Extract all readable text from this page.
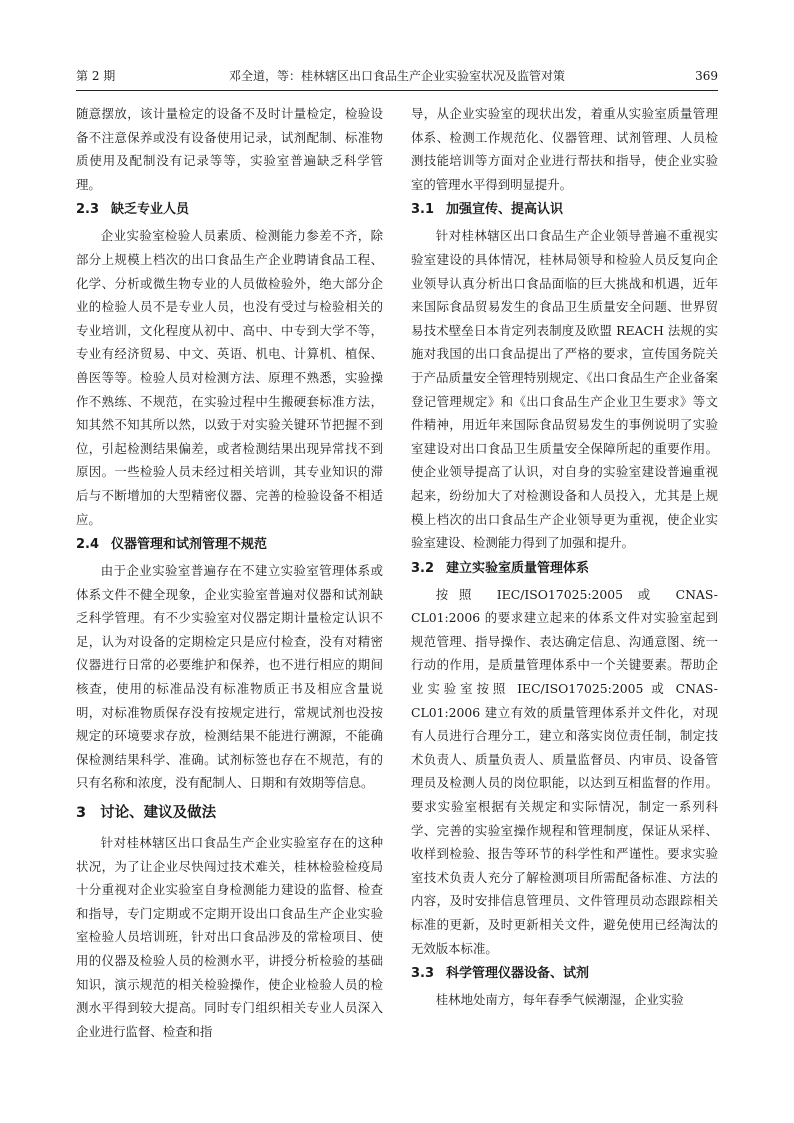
第 2 期	邓全道，等：桂林辖区出口食品生产企业实验室状况及监管对策	369

随意摆放，该计量检定的设备不及时计量检定，检验设备不注意保养或没有设备使用记录，试剂配制、标准物质使用及配制没有记录等等，实验室普遍缺乏科学管理。

2.3 缺乏专业人员

企业实验室检验人员素质、检测能力参差不齐，除部分上规模上档次的出口食品生产企业聘请食品工程、化学、分析或微生物专业的人员做检验外，绝大部分企业的检验人员不是专业人员，也没有受过与检验相关的专业培训，文化程度从初中、高中、中专到大学不等，专业有经济贸易、中文、英语、机电、计算机、植保、兽医等等。检验人员对检测方法、原理不熟悉，实验操作不熟练、不规范，在实验过程中生搬硬套标准方法，知其然不知其所以然，以致于对实验关键环节把握不到位，引起检测结果偏差，或者检测结果出现异常找不到原因。一些检验人员未经过相关培训，其专业知识的滞后与不断增加的大型精密仪器、完善的检验设备不相适应。

2.4 仪器管理和试剂管理不规范

由于企业实验室普遍存在不建立实验室管理体系或体系文件不健全现象，企业实验室普遍对仪器和试剂缺乏科学管理。有不少实验室对仪器定期计量检定认识不足，认为对设备的定期检定只是应付检查，没有对精密仪器进行日常的必要维护和保养，也不进行相应的期间核查，使用的标准品没有标准物质正书及相应含量说明，对标准物质保存没有按规定进行，常规试剂也没按规定的环境要求存放，检测结果不能进行溯源，不能确保检测结果科学、准确。试剂标签也存在不规范，有的只有名称和浓度，没有配制人、日期和有效期等信息。

3 讨论、建议及做法

针对桂林辖区出口食品生产企业实验室存在的这种状况，为了让企业尽快闯过技术难关，桂林检验检疫局十分重视对企业实验室自身检测能力建设的监督、检查和指导，专门定期或不定期开设出口食品生产企业实验室检验人员培训班，针对出口食品涉及的常检项目、使用的仪器及检验人员的检测水平，讲授分析检验的基础知识，演示规范的相关检验操作，使企业检验人员的检测水平得到较大提高。同时专门组织相关专业人员深入企业进行监督、检查和指

导，从企业实验室的现状出发，着重从实验室质量管理体系、检测工作规范化、仪器管理、试剂管理、人员检测技能培训等方面对企业进行帮扶和指导，使企业实验室的管理水平得到明显提升。

3.1 加强宣传、提高认识

针对桂林辖区出口食品生产企业领导普遍不重视实验室建设的具体情况，桂林局领导和检验人员反复向企业领导认真分析出口食品面临的巨大挑战和机遇，近年来国际食品贸易发生的食品卫生质量安全问题、世界贸易技术壁垒日本肯定列表制度及欧盟 REACH 法规的实施对我国的出口食品提出了严格的要求，宣传国务院关于产品质量安全管理特别规定、《出口食品生产企业备案登记管理规定》和《出口食品生产企业卫生要求》等文件精神，用近年来国际食品贸易发生的事例说明了实验室建设对出口食品卫生质量安全保障所起的重要作用。使企业领导提高了认识，对自身的实验室建设普遍重视起来，纷纷加大了对检测设备和人员投入，尤其是上规模上档次的出口食品生产企业领导更为重视，使企业实验室建设、检测能力得到了加强和提升。

3.2 建立实验室质量管理体系

按照 IEC/ISO17025:2005 或 CNAS-CL01:2006 的要求建立起来的体系文件对实验室起到规范管理、指导操作、表达确定信息、沟通意图、统一行动的作用，是质量管理体系中一个关键要素。帮助企业实验室按照 IEC/ISO17025:2005 或 CNAS-CL01:2006 建立有效的质量管理体系并文件化，对现有人员进行合理分工，建立和落实岗位责任制，制定技术负责人、质量负责人、质量监督员、内审员、设备管理员及检测人员的岗位职能，以达到互相监督的作用。要求实验室根据有关规定和实际情况，制定一系列科学、完善的实验室操作规程和管理制度，保证从采样、收样到检验、报告等环节的科学性和严谨性。要求实验室技术负责人充分了解检测项目所需配备标准、方法的内容，及时安排信息管理员、文件管理员动态跟踪相关标准的更新，及时更新相关文件，避免使用已经淘汰的无效版本标准。

3.3 科学管理仪器设备、试剂

桂林地处南方，每年春季气候潮湿，企业实验
